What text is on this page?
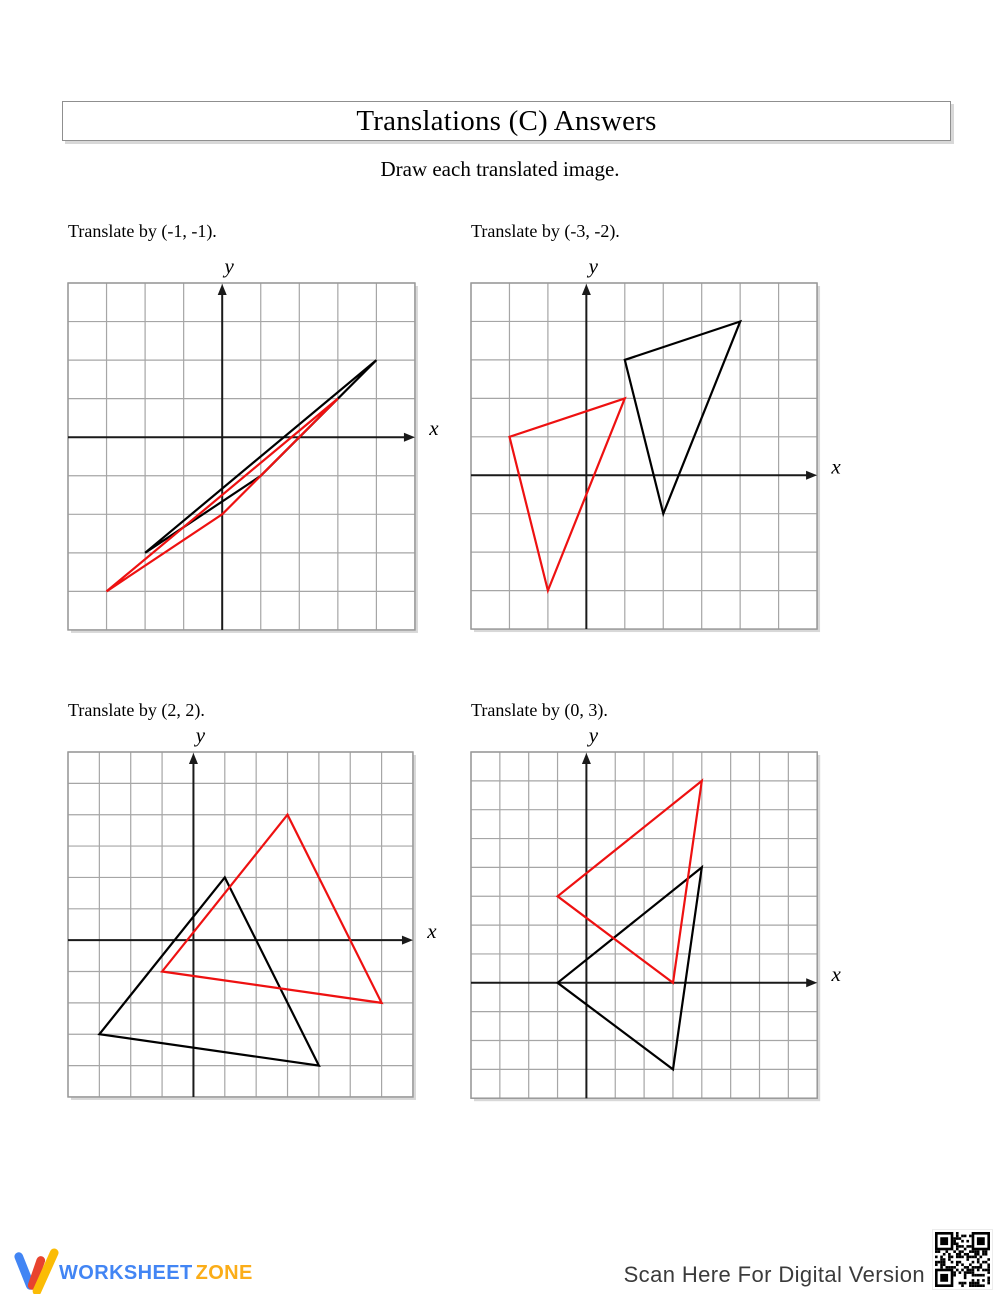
Translations (C) Answers
Draw each translated image.
Translate by (-1, -1).
x
y
Translate by (-3, -2).
x
y
Translate by (2, 2).
x
y
Translate by (0, 3).
x
y
WORKSHEET ZONE	Scan Here For Digital Version
